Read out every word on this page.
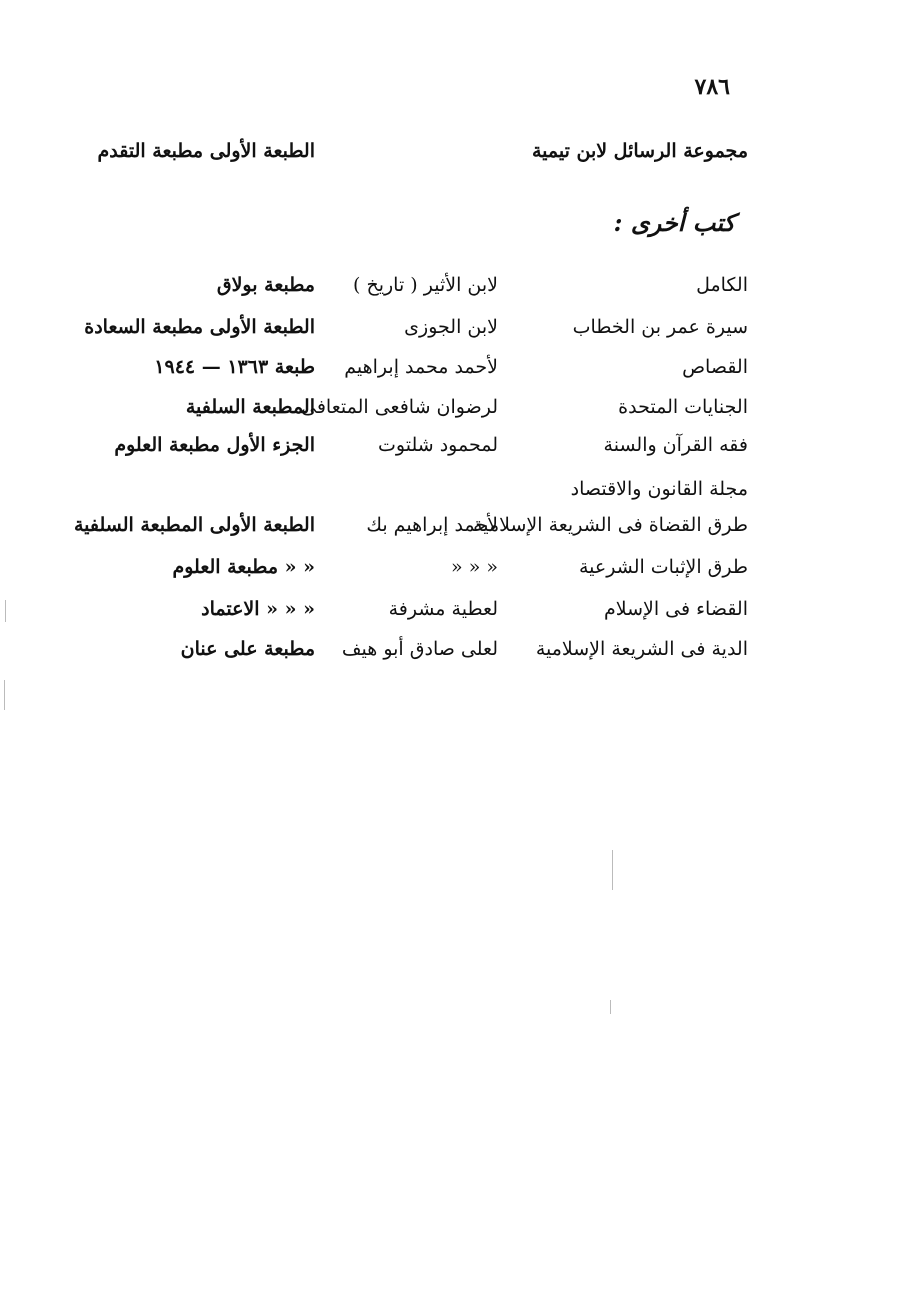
٧٨٦
مجموعة الرسائل لابن تيمية
الطبعة الأولى مطبعة التقدم
كتب أخرى :
الكامل
لابن الأثير ( تاريخ )
مطبعة بولاق
سيرة عمر بن الخطاب
لابن الجوزى
الطبعة الأولى مطبعة السعادة
القصاص
لأحمد محمد إبراهيم
طبعة ١٣٦٣ — ١٩٤٤
الجنايات المتحدة
لرضوان شافعى المتعافى
المطبعة السلفية
فقه القرآن والسنة
لمحمود شلتوت
الجزء الأول مطبعة العلوم
مجلة القانون والاقتصاد
طرق القضاة فى الشريعة الإسلامية
لأحمد إبراهيم بك
الطبعة الأولى المطبعة السلفية
طرق الإثبات الشرعية
« « «
« « مطبعة العلوم
القضاء فى الإسلام
لعطية مشرفة
« « « الاعتماد
الدية فى الشريعة الإسلامية
لعلى صادق أبو هيف
مطبعة على عنان
